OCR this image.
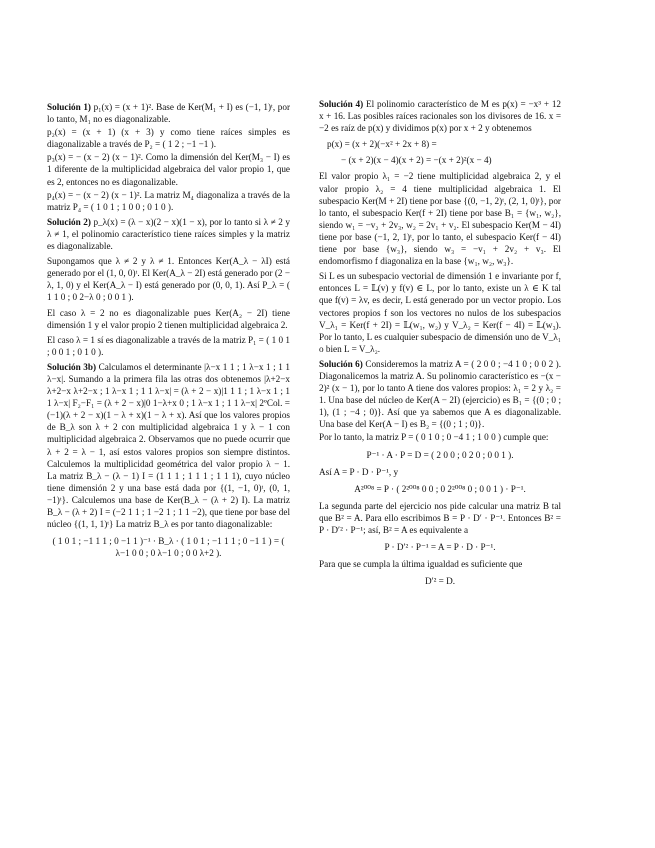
Solución 1) p₁(x) = (x + 1)². Base de Ker(M₁ + I) es (−1, 1)ᵗ, por lo tanto, M₁ no es diagonalizable.

p₂(x) = (x + 1) (x + 3) y como tiene raíces simples es diagonalizable a través de P₂ = ( 1 2 ; −1 −1 ).

p₃(x) = − (x − 2) (x − 1)². Como la dimensión del Ker(M₃ − I) es 1 diferente de la multiplicidad algebraica del valor propio 1, que es 2, entonces no es diagonalizable.

p₄(x) = − (x − 2) (x − 1)². La matriz M₄ diagonaliza a través de la matriz P₄ = ( 1 0 1 ; 1 0 0 ; 0 1 0 ).

Solución 2) p_λ(x) = (λ − x)(2 − x)(1 − x), por lo tanto si λ ≠ 2 y λ ≠ 1, el polinomio característico tiene raíces simples y la matriz es diagonalizable.

Supongamos que λ ≠ 2 y λ ≠ 1. Entonces Ker(A_λ − λI) está generado por el (1, 0, 0)ᵗ. El Ker(A_λ − 2I) está generado por (2 − λ, 1, 0) y el Ker(A_λ − I) está generado por (0, 0, 1). Así P_λ = ( 1 1 0 ; 0 2−λ 0 ; 0 0 1 ).

El caso λ = 2 no es diagonalizable pues Ker(A₂ − 2I) tiene dimensión 1 y el valor propio 2 tienen multiplicidad algebraica 2.

El caso λ = 1 sí es diagonalizable a través de la matriz P₁ = ( 1 0 1 ; 0 0 1 ; 0 1 0 ).

Solución 3b) Calculamos el determinante |λ−x 1 1 ; 1 λ−x 1 ; 1 1 λ−x|. Sumando a la primera fila las otras dos obtenemos |λ+2−x λ+2−x λ+2−x ; 1 λ−x 1 ; 1 1 λ−x| = (λ + 2 − x)|1 1 1 ; 1 λ−x 1 ; 1 1 λ−x| F₂−F₁ = (λ + 2 − x)|0 1−λ+x 0 ; 1 λ−x 1 ; 1 1 λ−x| 2ºCol. = (−1)(λ + 2 − x)(1 − λ + x)(1 − λ + x). Así que los valores propios de B_λ son λ + 2 con multiplicidad algebraica 1 y λ − 1 con multiplicidad algebraica 2. Observamos que no puede ocurrir que λ + 2 = λ − 1, así estos valores propios son siempre distintos. Calculemos la multiplicidad geométrica del valor propio λ − 1. La matriz B_λ − (λ − 1) I = (1 1 1 ; 1 1 1 ; 1 1 1), cuyo núcleo tiene dimensión 2 y una base está dada por {(1, −1, 0)ᵗ, (0, 1, −1)ᵗ}. Calculemos una base de Ker(B_λ − (λ + 2) I). La matriz B_λ − (λ + 2) I = (−2 1 1 ; 1 −2 1 ; 1 1 −2), que tiene por base del núcleo {(1, 1, 1)ᵗ} La matriz B_λ es por tanto diagonalizable:

( 1 0 1 ; −1 1 1 ; 0 −1 1 )⁻¹ · B_λ · ( 1 0 1 ; −1 1 1 ; 0 −1 1 ) = ( λ−1 0 0 ; 0 λ−1 0 ; 0 0 λ+2 ).

Solución 4) El polinomio característico de M es p(x) = −x³ + 12 x + 16. Las posibles raíces racionales son los divisores de 16. x = −2 es raíz de p(x) y dividimos p(x) por x + 2 y obtenemos

p(x) = (x + 2)(−x² + 2x + 8) =

− (x + 2)(x − 4)(x + 2) = −(x + 2)²(x − 4)

El valor propio λ₁ = −2 tiene multiplicidad algebraica 2, y el valor propio λ₂ = 4 tiene multiplicidad algebraica 1. El subespacio Ker(M + 2I) tiene por base {(0, −1, 2)ᵗ, (2, 1, 0)ᵗ}, por lo tanto, el subespacio Ker(f + 2I) tiene por base B₁ = {w₁, w₂}, siendo w₁ = −v₂ + 2v₃, w₂ = 2v₁ + v₂. El subespacio Ker(M − 4I) tiene por base (−1, 2, 1)ᵗ, por lo tanto, el subespacio Ker(f − 4I) tiene por base {w₃}, siendo w₃ = −v₁ + 2v₂ + v₃. El endomorfismo f diagonaliza en la base {w₁, w₂, w₃}.

Si L es un subespacio vectorial de dimensión 1 e invariante por f, entonces L = 𝕃(v) y f(v) ∈ L, por lo tanto, existe un λ ∈ K tal que f(v) = λv, es decir, L está generado por un vector propio. Los vectores propios f son los vectores no nulos de los subespacios V_λ₁ = Ker(f + 2I) = 𝕃(w₁, w₂) y V_λ₂ = Ker(f − 4I) = 𝕃(w₃). Por lo tanto, L es cualquier subespacio de dimensión uno de V_λ₁ o bien L = V_λ₂.

Solución 6) Consideremos la matriz A = ( 2 0 0 ; −4 1 0 ; 0 0 2 ). Diagonalicemos la matriz A. Su polinomio característico es −(x − 2)² (x − 1), por lo tanto A tiene dos valores propios: λ₁ = 2 y λ₂ = 1. Una base del núcleo de Ker(A − 2I) (ejercicio) es B₁ = {(0 ; 0 ; 1), (1 ; −4 ; 0)}. Así que ya sabemos que A es diagonalizable. Una base del Ker(A − I) es B₂ = {(0 ; 1 ; 0)}.

Por lo tanto, la matriz P = ( 0 1 0 ; 0 −4 1 ; 1 0 0 ) cumple que:

P⁻¹ · A · P = D = ( 2 0 0 ; 0 2 0 ; 0 0 1 ).

Así A = P · D · P⁻¹, y

A²⁰⁰⁸ = P · ( 2²⁰⁰⁸ 0 0 ; 0 2²⁰⁰⁸ 0 ; 0 0 1 ) · P⁻¹.

La segunda parte del ejercicio nos pide calcular una matriz B tal que B² = A. Para ello escribimos B = P · D′ · P⁻¹. Entonces B² = P · D′² · P⁻¹; así, B² = A es equivalente a

P · D′² · P⁻¹ = A = P · D · P⁻¹.

Para que se cumpla la última igualdad es suficiente que

D′² = D.
